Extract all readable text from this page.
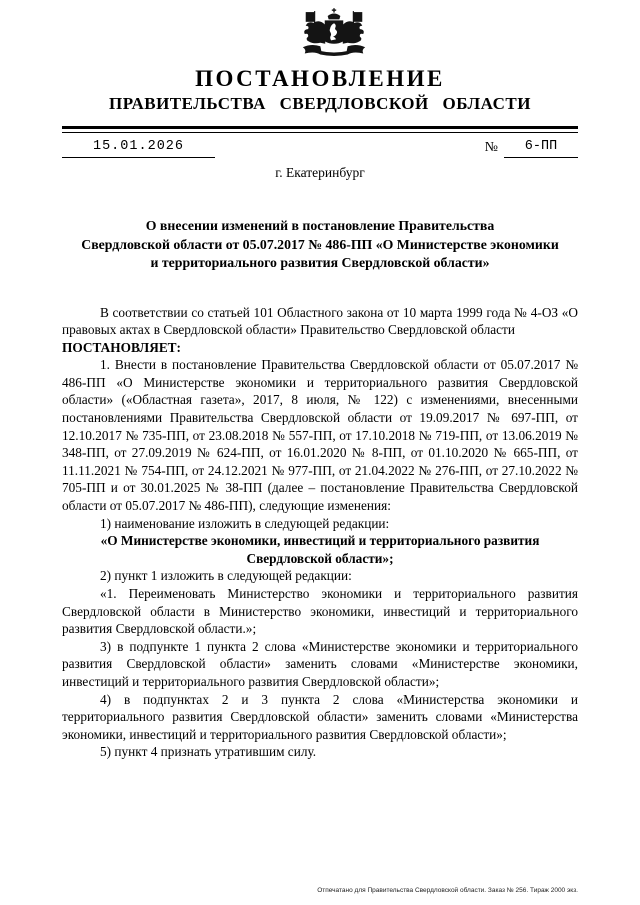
ПОСТАНОВЛЕНИЕ
ПРАВИТЕЛЬСТВА СВЕРДЛОВСКОЙ ОБЛАСТИ
15.01.2026	№	6-ПП
г. Екатеринбург
О внесении изменений в постановление Правительства
Свердловской области от 05.07.2017 № 486-ПП «О Министерстве экономики
и территориального развития Свердловской области»

В соответствии со статьей 101 Областного закона от 10 марта 1999 года № 4-ОЗ «О правовых актах в Свердловской области» Правительство Свердловской области

ПОСТАНОВЛЯЕТ:

1. Внести в постановление Правительства Свердловской области от 05.07.2017 № 486-ПП «О Министерстве экономики и территориального развития Свердловской области» («Областная газета», 2017, 8 июля, № 122) с изменениями, внесенными постановлениями Правительства Свердловской области от 19.09.2017 № 697-ПП, от 12.10.2017 № 735-ПП, от 23.08.2018 № 557-ПП, от 17.10.2018 № 719-ПП, от 13.06.2019 № 348-ПП, от 27.09.2019 № 624-ПП, от 16.01.2020 № 8-ПП, от 01.10.2020 № 665-ПП, от 11.11.2021 № 754-ПП, от 24.12.2021 № 977-ПП, от 21.04.2022 № 276-ПП, от 27.10.2022 № 705-ПП и от 30.01.2025 № 38-ПП (далее – постановление Правительства Свердловской области от 05.07.2017 № 486-ПП), следующие изменения:

1) наименование изложить в следующей редакции:

«О Министерстве экономики, инвестиций и территориального развития Свердловской области»;

2) пункт 1 изложить в следующей редакции:

«1. Переименовать Министерство экономики и территориального развития Свердловской области в Министерство экономики, инвестиций и территориального развития Свердловской области.»;

3) в подпункте 1 пункта 2 слова «Министерстве экономики и территориального развития Свердловской области» заменить словами «Министерстве экономики, инвестиций и территориального развития Свердловской области»;

4) в подпунктах 2 и 3 пункта 2 слова «Министерства экономики и территориального развития Свердловской области» заменить словами «Министерства экономики, инвестиций и территориального развития Свердловской области»;

5) пункт 4 признать утратившим силу.

Отпечатано для Правительства Свердловской области. Заказ № 256. Тираж 2000 экз.
